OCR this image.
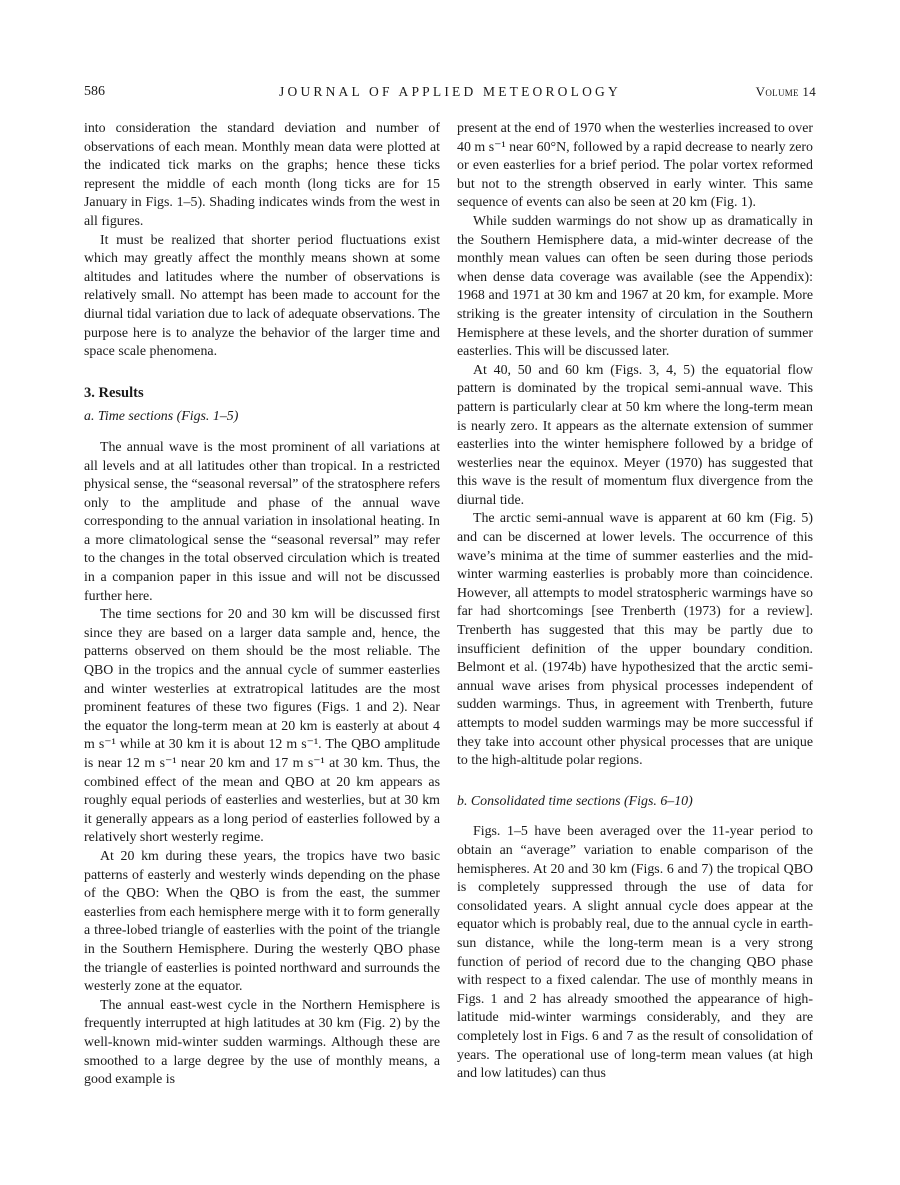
586	JOURNAL OF APPLIED METEOROLOGY	Volume 14

into consideration the standard deviation and number of observations of each mean. Monthly mean data were plotted at the indicated tick marks on the graphs; hence these ticks represent the middle of each month (long ticks are for 15 January in Figs. 1–5). Shading indicates winds from the west in all figures.

It must be realized that shorter period fluctuations exist which may greatly affect the monthly means shown at some altitudes and latitudes where the number of observations is relatively small. No attempt has been made to account for the diurnal tidal variation due to lack of adequate observations. The purpose here is to analyze the behavior of the larger time and space scale phenomena.

3. Results
a. Time sections (Figs. 1–5)

The annual wave is the most prominent of all variations at all levels and at all latitudes other than tropical. In a restricted physical sense, the “seasonal reversal” of the stratosphere refers only to the amplitude and phase of the annual wave corresponding to the annual variation in insolational heating. In a more climatological sense the “seasonal reversal” may refer to the changes in the total observed circulation which is treated in a companion paper in this issue and will not be discussed further here.

The time sections for 20 and 30 km will be discussed first since they are based on a larger data sample and, hence, the patterns observed on them should be the most reliable. The QBO in the tropics and the annual cycle of summer easterlies and winter westerlies at extratropical latitudes are the most prominent features of these two figures (Figs. 1 and 2). Near the equator the long-term mean at 20 km is easterly at about 4 m s⁻¹ while at 30 km it is about 12 m s⁻¹. The QBO amplitude is near 12 m s⁻¹ near 20 km and 17 m s⁻¹ at 30 km. Thus, the combined effect of the mean and QBO at 20 km appears as roughly equal periods of easterlies and westerlies, but at 30 km it generally appears as a long period of easterlies followed by a relatively short westerly regime.

At 20 km during these years, the tropics have two basic patterns of easterly and westerly winds depending on the phase of the QBO: When the QBO is from the east, the summer easterlies from each hemisphere merge with it to form generally a three-lobed triangle of easterlies with the point of the triangle in the Southern Hemisphere. During the westerly QBO phase the triangle of easterlies is pointed northward and surrounds the westerly zone at the equator.

The annual east-west cycle in the Northern Hemisphere is frequently interrupted at high latitudes at 30 km (Fig. 2) by the well-known mid-winter sudden warmings. Although these are smoothed to a large degree by the use of monthly means, a good example is

present at the end of 1970 when the westerlies increased to over 40 m s⁻¹ near 60°N, followed by a rapid decrease to nearly zero or even easterlies for a brief period. The polar vortex reformed but not to the strength observed in early winter. This same sequence of events can also be seen at 20 km (Fig. 1).

While sudden warmings do not show up as dramatically in the Southern Hemisphere data, a mid-winter decrease of the monthly mean values can often be seen during those periods when dense data coverage was available (see the Appendix): 1968 and 1971 at 30 km and 1967 at 20 km, for example. More striking is the greater intensity of circulation in the Southern Hemisphere at these levels, and the shorter duration of summer easterlies. This will be discussed later.

At 40, 50 and 60 km (Figs. 3, 4, 5) the equatorial flow pattern is dominated by the tropical semi-annual wave. This pattern is particularly clear at 50 km where the long-term mean is nearly zero. It appears as the alternate extension of summer easterlies into the winter hemisphere followed by a bridge of westerlies near the equinox. Meyer (1970) has suggested that this wave is the result of momentum flux divergence from the diurnal tide.

The arctic semi-annual wave is apparent at 60 km (Fig. 5) and can be discerned at lower levels. The occurrence of this wave’s minima at the time of summer easterlies and the mid-winter warming easterlies is probably more than coincidence. However, all attempts to model stratospheric warmings have so far had shortcomings [see Trenberth (1973) for a review]. Trenberth has suggested that this may be partly due to insufficient definition of the upper boundary condition. Belmont et al. (1974b) have hypothesized that the arctic semi-annual wave arises from physical processes independent of sudden warmings. Thus, in agreement with Trenberth, future attempts to model sudden warmings may be more successful if they take into account other physical processes that are unique to the high-altitude polar regions.

b. Consolidated time sections (Figs. 6–10)

Figs. 1–5 have been averaged over the 11-year period to obtain an “average” variation to enable comparison of the hemispheres. At 20 and 30 km (Figs. 6 and 7) the tropical QBO is completely suppressed through the use of data for consolidated years. A slight annual cycle does appear at the equator which is probably real, due to the annual cycle in earth-sun distance, while the long-term mean is a very strong function of period of record due to the changing QBO phase with respect to a fixed calendar. The use of monthly means in Figs. 1 and 2 has already smoothed the appearance of high-latitude mid-winter warmings considerably, and they are completely lost in Figs. 6 and 7 as the result of consolidation of years. The operational use of long-term mean values (at high and low latitudes) can thus
